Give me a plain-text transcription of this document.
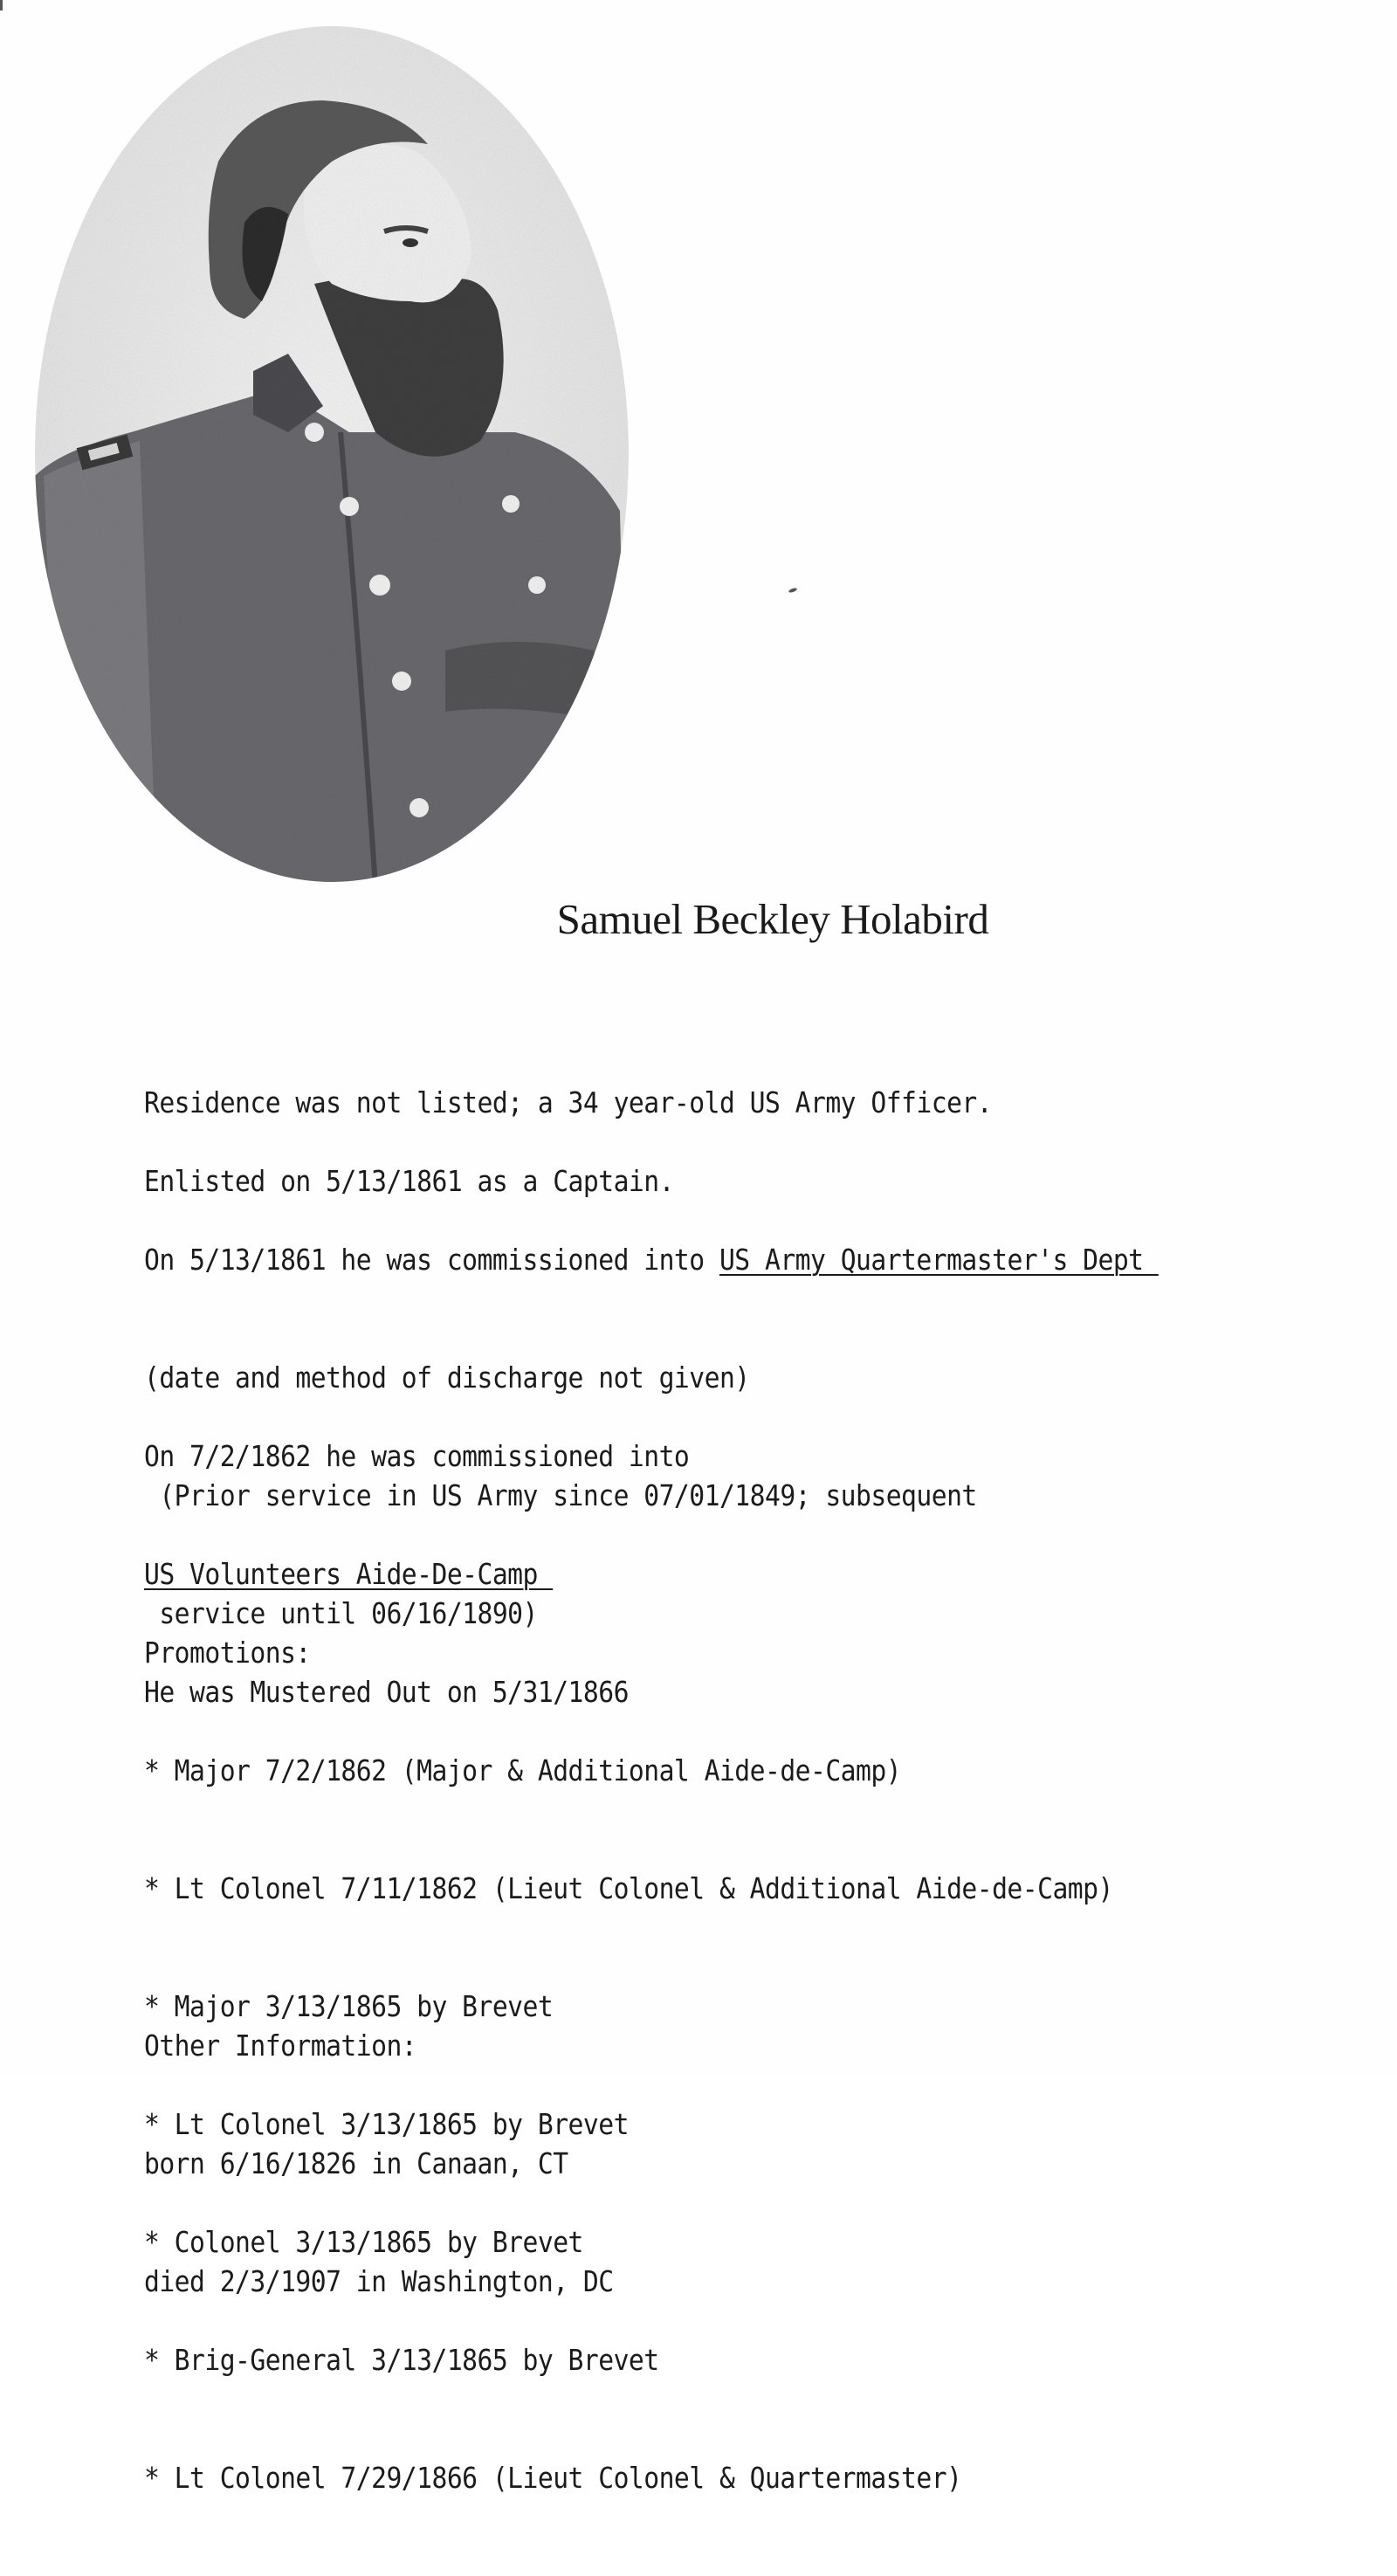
Samuel Beckley Holabird

Residence was not listed; a 34 year-old US Army Officer.

Enlisted on 5/13/1861 as a Captain.

On 5/13/1861 he was commissioned into US Army Quartermaster's Dept

(date and method of discharge not given)

(Prior service in US Army since 07/01/1849; subsequent

service until 06/16/1890)

On 7/2/1862 he was commissioned into

US Volunteers Aide-De-Camp

He was Mustered Out on 5/31/1866

Promotions:

* Major 7/2/1862 (Major & Additional Aide-de-Camp)

* Lt Colonel 7/11/1862 (Lieut Colonel & Additional Aide-de-Camp)

* Major 3/13/1865 by Brevet

* Lt Colonel 3/13/1865 by Brevet

* Colonel 3/13/1865 by Brevet

* Brig-General 3/13/1865 by Brevet

* Lt Colonel 7/29/1866 (Lieut Colonel & Quartermaster)

Other Information:

born 6/16/1826 in Canaan, CT

died 2/3/1907 in Washington, DC
